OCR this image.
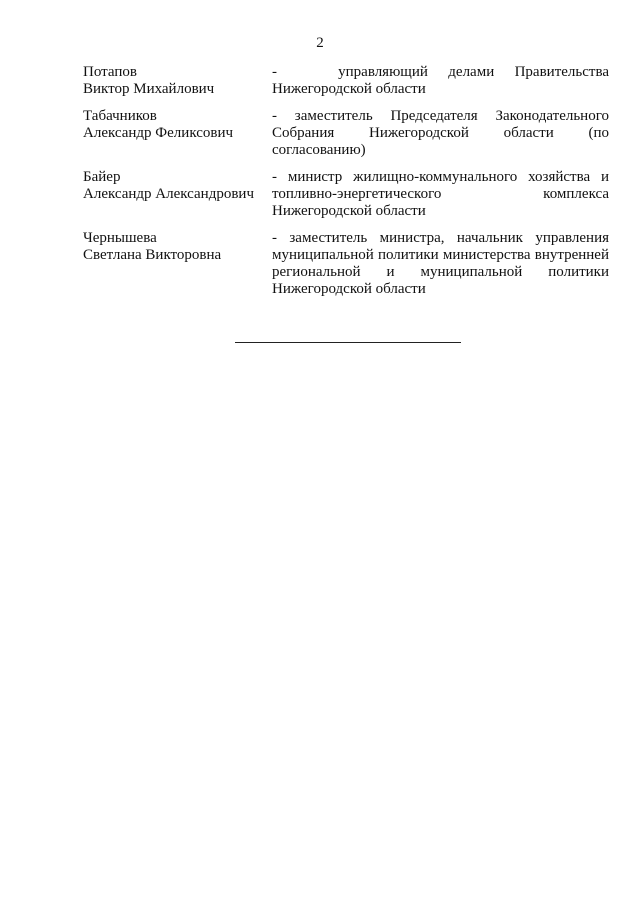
2
Потапов
Виктор Михайлович
-   управляющий делами Правительства Нижегородской области
Табачников
Александр Феликсович
- заместитель Председателя Законодательного Собрания Нижегородской области (по согласованию)
Байер
Александр Александрович
- министр жилищно-коммунального хозяйства и топливно-энергетического комплекса Нижегородской области
Чернышева
Светлана Викторовна
- заместитель министра, начальник управления муниципальной политики министерства внутренней региональной и муниципальной политики Нижегородской области
